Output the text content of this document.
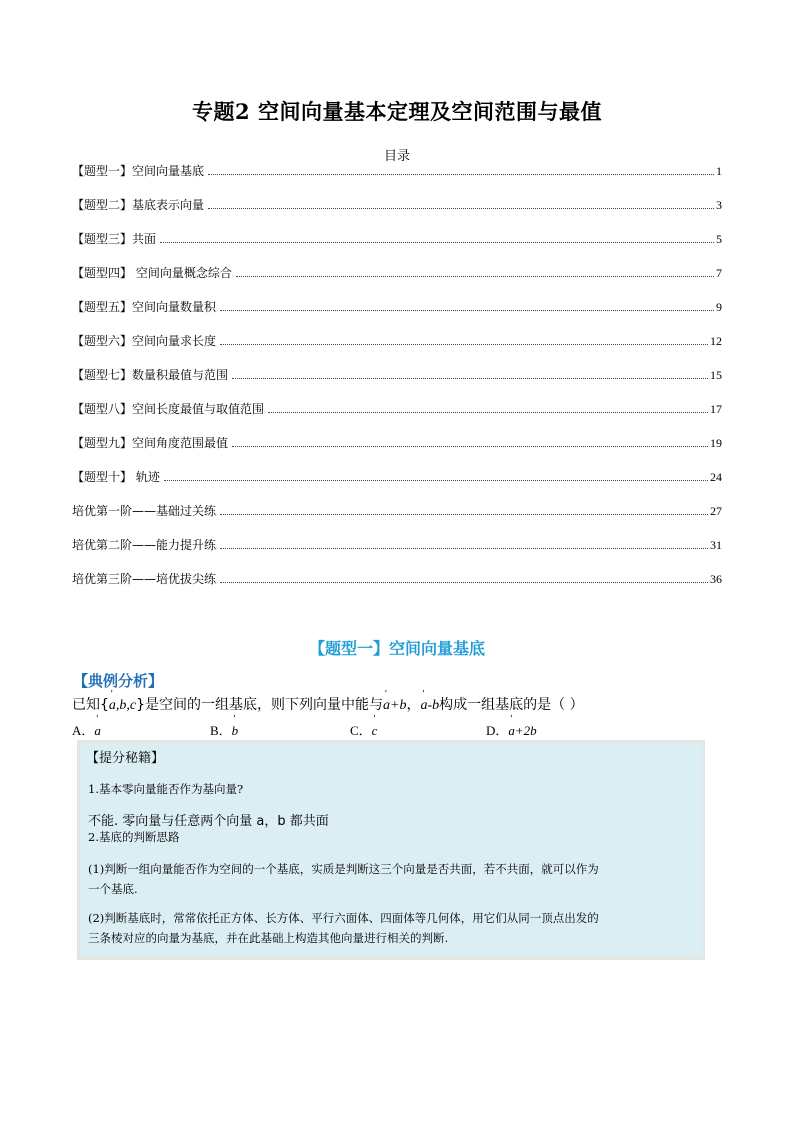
专题2 空间向量基本定理及空间范围与最值
目录
【题型一】空间向量基底	1
【题型二】基底表示向量	3
【题型三】共面	5
【题型四】 空间向量概念综合	7
【题型五】空间向量数量积	9
【题型六】空间向量求长度	12
【题型七】数量积最值与范围	15
【题型八】空间长度最值与取值范围	17
【题型九】空间角度范围最值	19
【题型十】 轨迹	24
培优第一阶——基础过关练	27
培优第二阶——能力提升练	31
培优第三阶——培优拔尖练	36
【题型一】空间向量基底
【典例分析】
已知{' a,b,c}是空间的一组基底，则下列向量中能与' a+b，' a-b构成一组基底的是（ ）
A．' a	B．' b	C．' c	D．' a+2b
【提分秘籍】
1.基本零向量能否作为基向量?
不能. 零向量与任意两个向量 a，b 都共面
2.基底的判断思路
(1)判断一组向量能否作为空间的一个基底，实质是判断这三个向量是否共面，若不共面，就可以作为
一个基底.
(2)判断基底时，常常依托正方体、长方体、平行六面体、四面体等几何体，用它们从同一顶点出发的
三条棱对应的向量为基底，并在此基础上构造其他向量进行相关的判断.
